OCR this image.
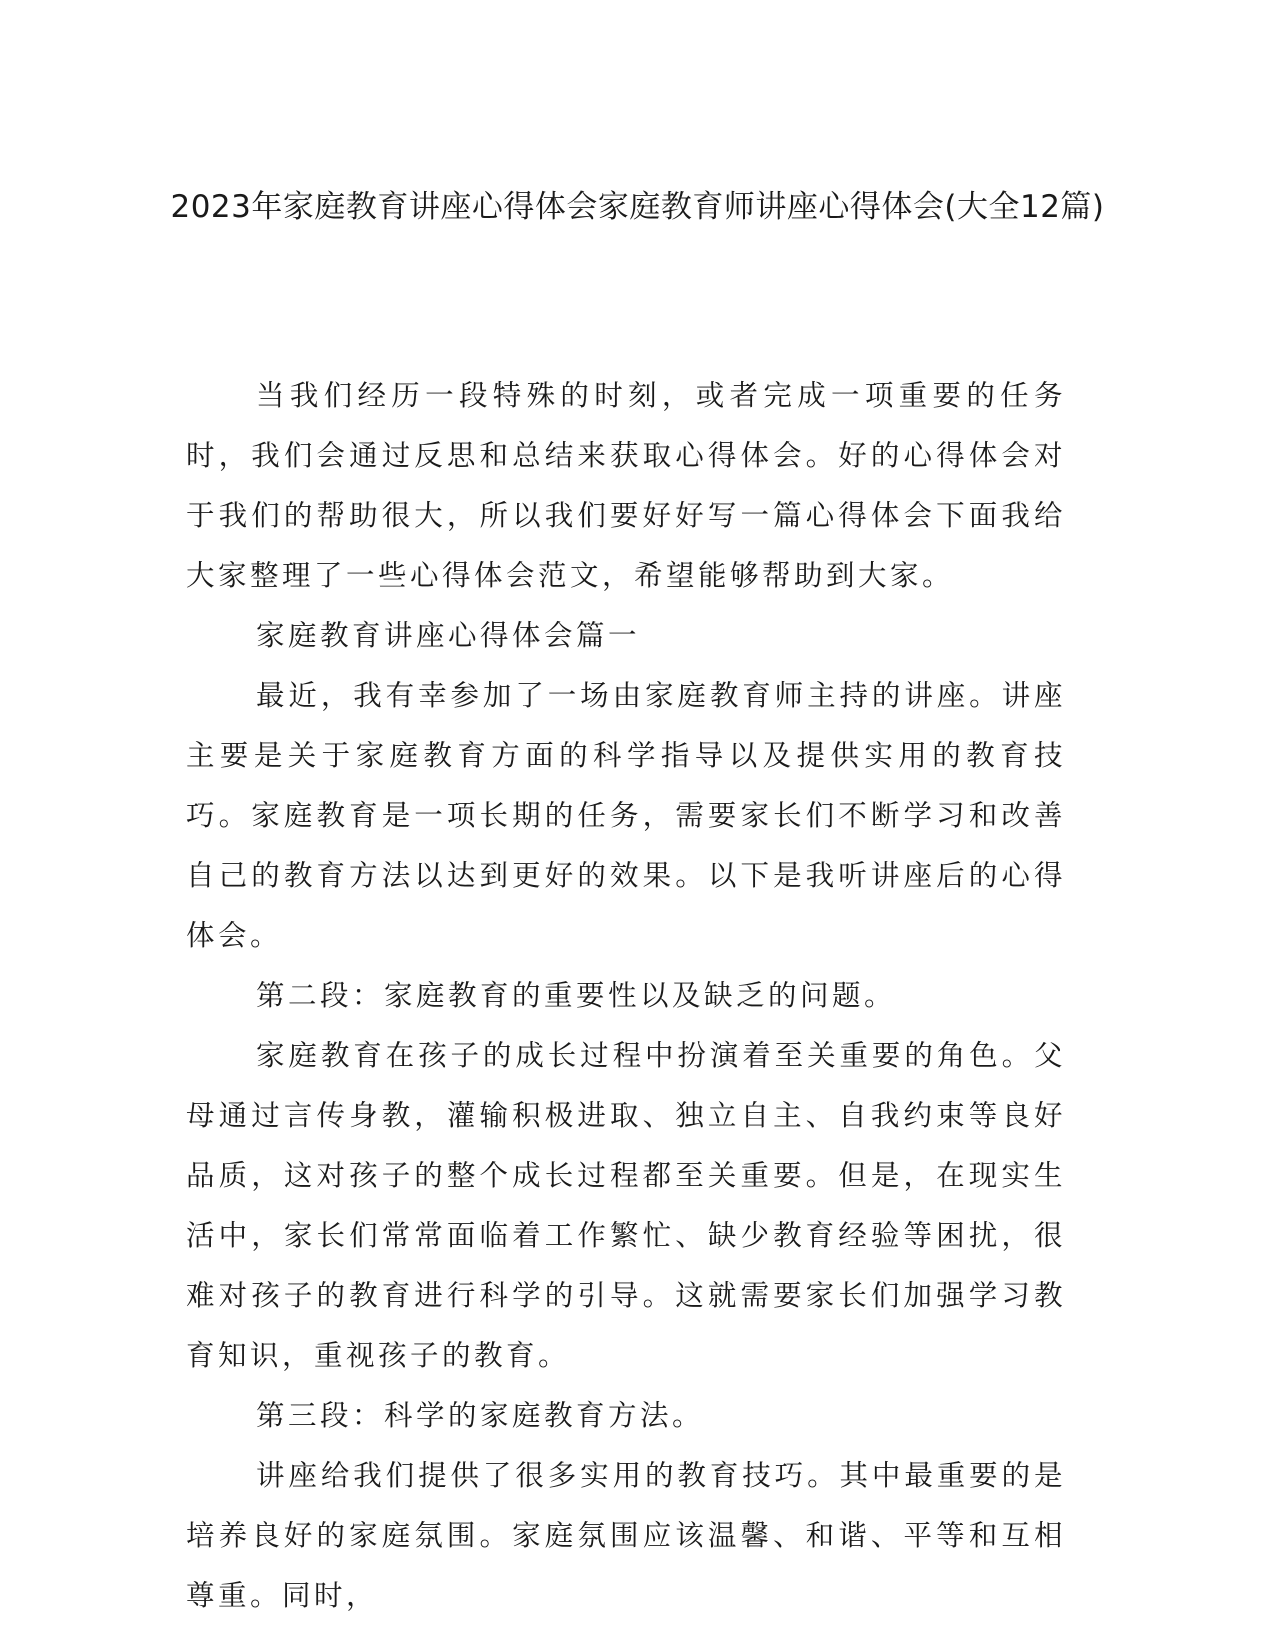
2023年家庭教育讲座心得体会家庭教育师讲座心得体会(大全12篇)

当我们经历一段特殊的时刻，或者完成一项重要的任务时，我们会通过反思和总结来获取心得体会。好的心得体会对于我们的帮助很大，所以我们要好好写一篇心得体会下面我给大家整理了一些心得体会范文，希望能够帮助到大家。

家庭教育讲座心得体会篇一

最近，我有幸参加了一场由家庭教育师主持的讲座。讲座主要是关于家庭教育方面的科学指导以及提供实用的教育技巧。家庭教育是一项长期的任务，需要家长们不断学习和改善自己的教育方法以达到更好的效果。以下是我听讲座后的心得体会。

第二段：家庭教育的重要性以及缺乏的问题。

家庭教育在孩子的成长过程中扮演着至关重要的角色。父母通过言传身教，灌输积极进取、独立自主、自我约束等良好品质，这对孩子的整个成长过程都至关重要。但是，在现实生活中，家长们常常面临着工作繁忙、缺少教育经验等困扰，很难对孩子的教育进行科学的引导。这就需要家长们加强学习教育知识，重视孩子的教育。

第三段：科学的家庭教育方法。

讲座给我们提供了很多实用的教育技巧。其中最重要的是培养良好的家庭氛围。家庭氛围应该温馨、和谐、平等和互相尊重。同时，
